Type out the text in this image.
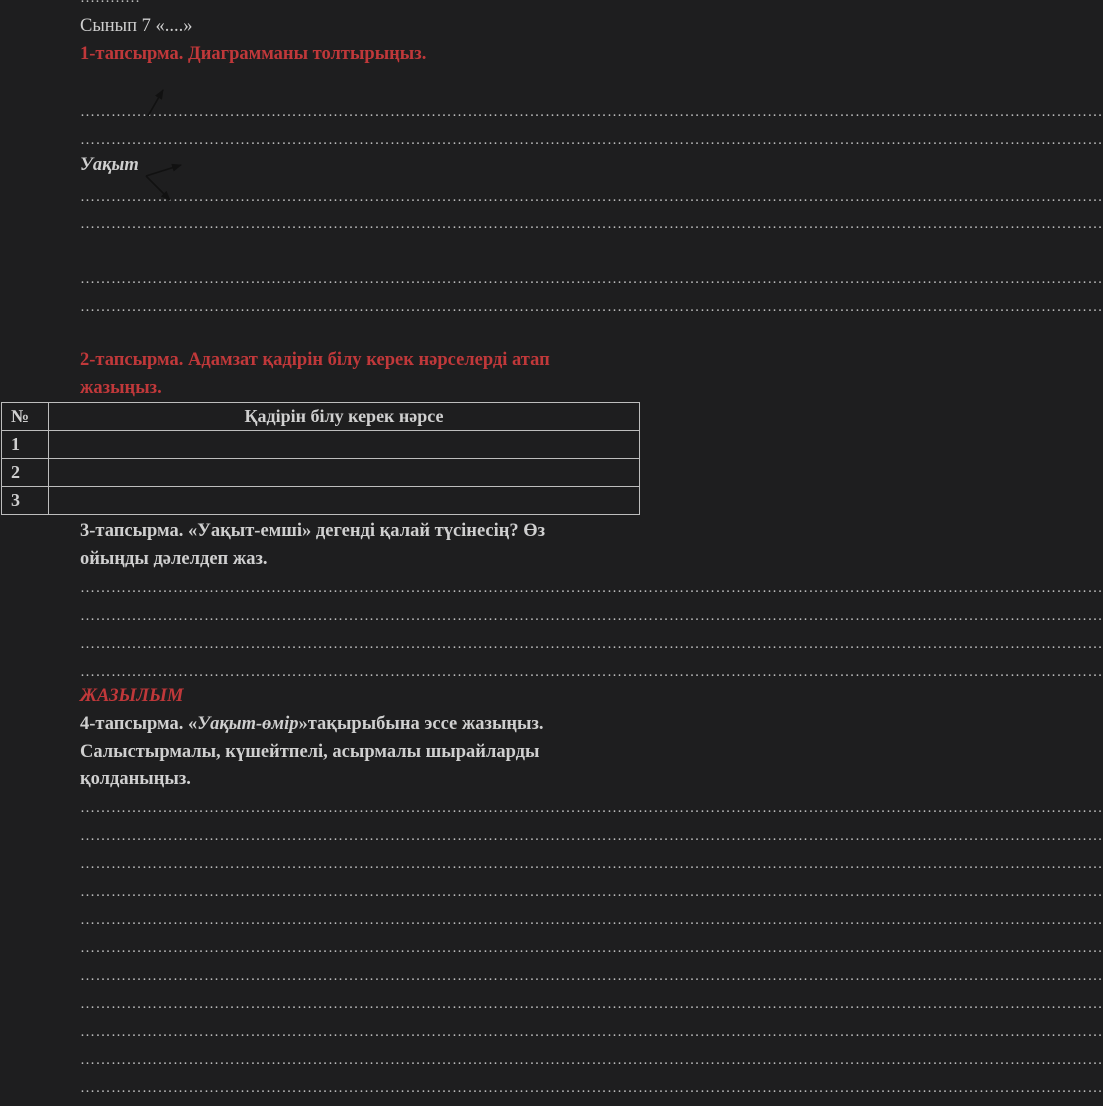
Сынып 7 «....»
1-тапсырма. Диаграмманы толтырыңыз.
………………………………………………………………………………………………………………………………………………………………………………
………………………………………………………………………………………………………………………………………………………………………………
Уақыт
………………………………………………………………………………………………………………………………………………………………………………
………………………………………………………………………………………………………………………………………………………………………………
………………………………………………………………………………………………………………………………………………………………………………
………………………………………………………………………………………………………………………………………………………………………………
2-тапсырма. Адамзат қадірін білу керек нәрселерді атап
жазыңыз.
№	Қадірін білу керек нәрсе
1	
2	
3	
3-тапсырма. «Уақыт-емші» дегенді қалай түсінесің? Өз
ойыңды дәлелдеп жаз.
………………………………………………………………………………………………………………………………………………………………………………
………………………………………………………………………………………………………………………………………………………………………………
………………………………………………………………………………………………………………………………………………………………………………
………………………………………………………………………………………………………………………………………………………………………………
ЖАЗЫЛЫМ
4-тапсырма. «Уақыт-өмір»тақырыбына эссе жазыңыз.
Салыстырмалы, күшейтпелі, асырмалы шырайларды
қолданыңыз.
………………………………………………………………………………………………………………………………………………………………………………
………………………………………………………………………………………………………………………………………………………………………………
………………………………………………………………………………………………………………………………………………………………………………
………………………………………………………………………………………………………………………………………………………………………………
………………………………………………………………………………………………………………………………………………………………………………
………………………………………………………………………………………………………………………………………………………………………………
………………………………………………………………………………………………………………………………………………………………………………
………………………………………………………………………………………………………………………………………………………………………………
………………………………………………………………………………………………………………………………………………………………………………
………………………………………………………………………………………………………………………………………………………………………………
………………………………………………………………………………………………………………………………………………………………………………
